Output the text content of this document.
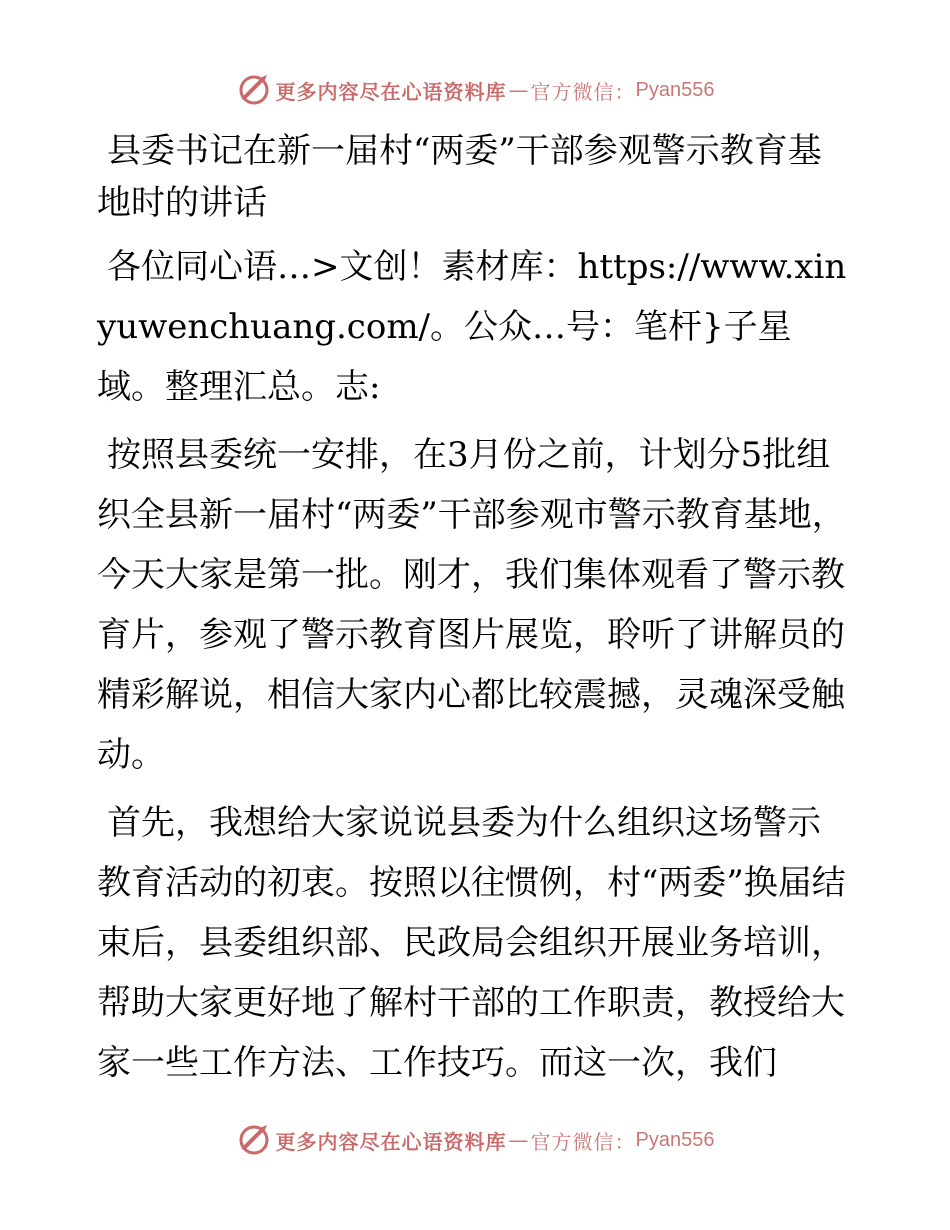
更多内容尽在心语资料库 — 官方微信： Pyan556
县委书记在新一届村“两委”干部参观警示教育基地时的讲话

各位同心语…>文创！素材库：https://www.xinyuwenchuang.com/。公众…号：笔杆}子星域。整理汇总。志:

按照县委统一安排，在3月份之前，计划分5批组织全县新一届村“两委”干部参观市警示教育基地，今天大家是第一批。刚才，我们集体观看了警示教育片，参观了警示教育图片展览，聆听了讲解员的精彩解说，相信大家内心都比较震撼，灵魂深受触动。

首先，我想给大家说说县委为什么组织这场警示教育活动的初衷。按照以往惯例，村“两委”换届结束后，县委组织部、民政局会组织开展业务培训，帮助大家更好地了解村干部的工作职责，教授给大家一些工作方法、工作技巧。而这一次，我们

更多内容尽在心语资料库 — 官方微信： Pyan556
